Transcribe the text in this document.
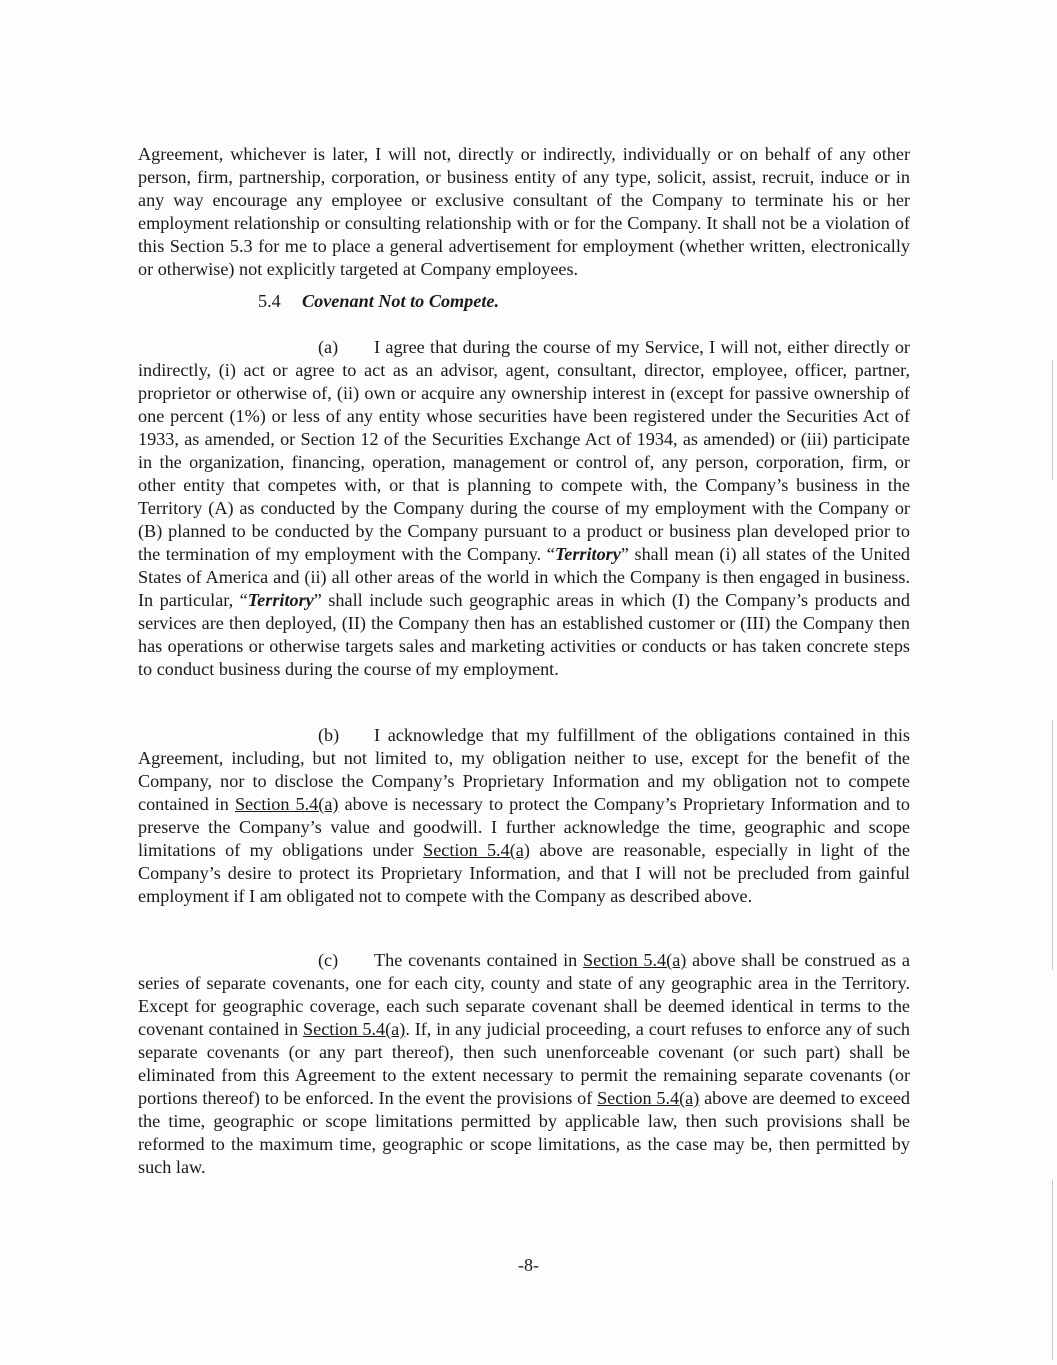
Agreement, whichever is later, I will not, directly or indirectly, individually or on behalf of any other person, firm, partnership, corporation, or business entity of any type, solicit, assist, recruit, induce or in any way encourage any employee or exclusive consultant of the Company to terminate his or her employment relationship or consulting relationship with or for the Company. It shall not be a violation of this Section 5.3 for me to place a general advertisement for employment (whether written, electronically or otherwise) not explicitly targeted at Company employees.

5.4 Covenant Not to Compete.

(a) I agree that during the course of my Service, I will not, either directly or indirectly, (i) act or agree to act as an advisor, agent, consultant, director, employee, officer, partner, proprietor or otherwise of, (ii) own or acquire any ownership interest in (except for passive ownership of one percent (1%) or less of any entity whose securities have been registered under the Securities Act of 1933, as amended, or Section 12 of the Securities Exchange Act of 1934, as amended) or (iii) participate in the organization, financing, operation, management or control of, any person, corporation, firm, or other entity that competes with, or that is planning to compete with, the Company’s business in the Territory (A) as conducted by the Company during the course of my employment with the Company or (B) planned to be conducted by the Company pursuant to a product or business plan developed prior to the termination of my employment with the Company. “Territory” shall mean (i) all states of the United States of America and (ii) all other areas of the world in which the Company is then engaged in business. In particular, “Territory” shall include such geographic areas in which (I) the Company’s products and services are then deployed, (II) the Company then has an established customer or (III) the Company then has operations or otherwise targets sales and marketing activities or conducts or has taken concrete steps to conduct business during the course of my employment.

(b) I acknowledge that my fulfillment of the obligations contained in this Agreement, including, but not limited to, my obligation neither to use, except for the benefit of the Company, nor to disclose the Company’s Proprietary Information and my obligation not to compete contained in Section 5.4(a) above is necessary to protect the Company’s Proprietary Information and to preserve the Company’s value and goodwill. I further acknowledge the time, geographic and scope limitations of my obligations under Section 5.4(a) above are reasonable, especially in light of the Company’s desire to protect its Proprietary Information, and that I will not be precluded from gainful employment if I am obligated not to compete with the Company as described above.

(c) The covenants contained in Section 5.4(a) above shall be construed as a series of separate covenants, one for each city, county and state of any geographic area in the Territory. Except for geographic coverage, each such separate covenant shall be deemed identical in terms to the covenant contained in Section 5.4(a). If, in any judicial proceeding, a court refuses to enforce any of such separate covenants (or any part thereof), then such unenforceable covenant (or such part) shall be eliminated from this Agreement to the extent necessary to permit the remaining separate covenants (or portions thereof) to be enforced. In the event the provisions of Section 5.4(a) above are deemed to exceed the time, geographic or scope limitations permitted by applicable law, then such provisions shall be reformed to the maximum time, geographic or scope limitations, as the case may be, then permitted by such law.

-8-
